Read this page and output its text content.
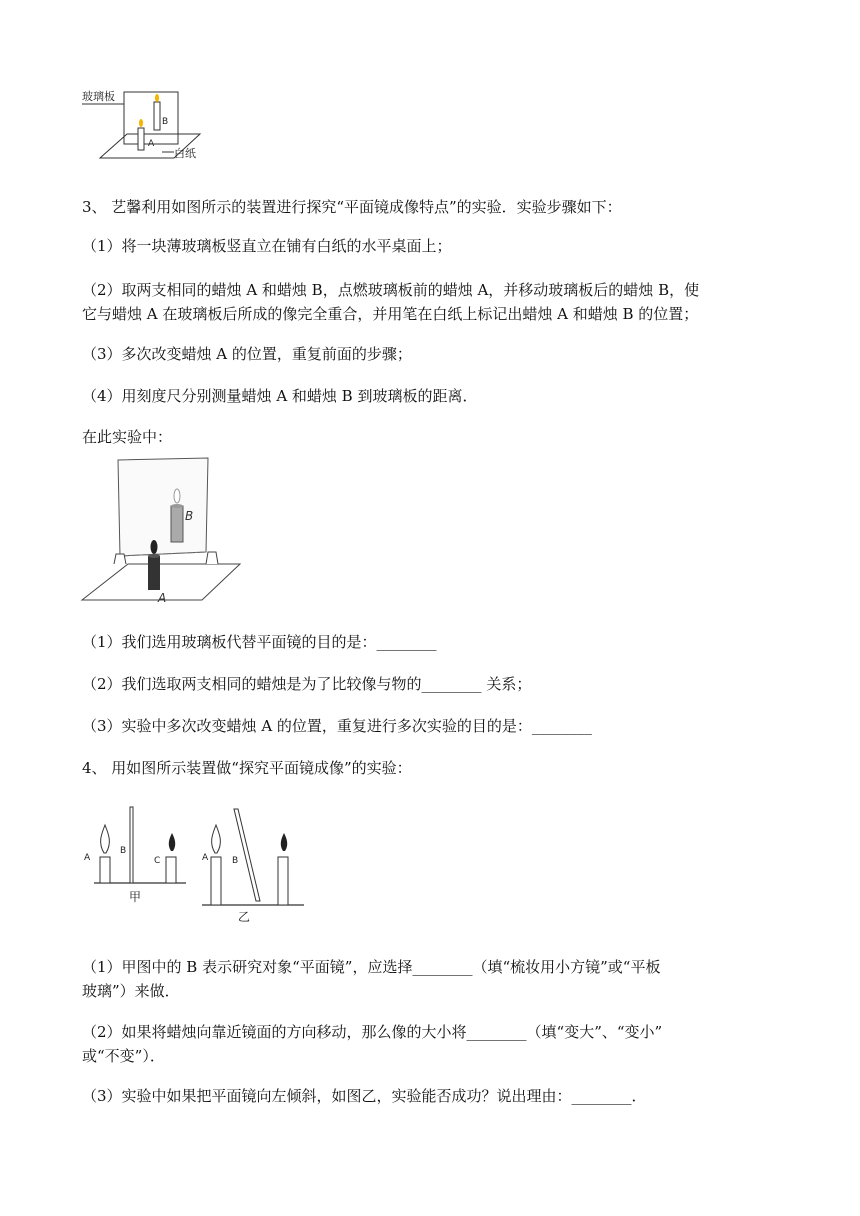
玻璃板
B
A
白纸
3、 艺馨利用如图所示的装置进行探究“平面镜成像特点”的实验．实验步骤如下：
（1）将一块薄玻璃板竖直立在铺有白纸的水平桌面上；
（2）取两支相同的蜡烛 A 和蜡烛 B，点燃玻璃板前的蜡烛 A，并移动玻璃板后的蜡烛 B，使
它与蜡烛 A 在玻璃板后所成的像完全重合，并用笔在白纸上标记出蜡烛 A 和蜡烛 B 的位置；
（3）多次改变蜡烛 A 的位置，重复前面的步骤；
（4）用刻度尺分别测量蜡烛 A 和蜡烛 B 到玻璃板的距离．
在此实验中：
B
A
（1）我们选用玻璃板代替平面镜的目的是：________
（2）我们选取两支相同的蜡烛是为了比较像与物的________ 关系；
（3）实验中多次改变蜡烛 A 的位置，重复进行多次实验的目的是：________
4、 用如图所示装置做“探究平面镜成像”的实验：
A
B
C
甲
A	B
乙
（1）甲图中的 B 表示研究对象“平面镜”，应选择________（填“梳妆用小方镜”或“平板
玻璃”）来做．
（2）如果将蜡烛向靠近镜面的方向移动，那么像的大小将________（填“变大”、“变小”
或“不变”）．
（3）实验中如果把平面镜向左倾斜，如图乙，实验能否成功？说出理由：________．
